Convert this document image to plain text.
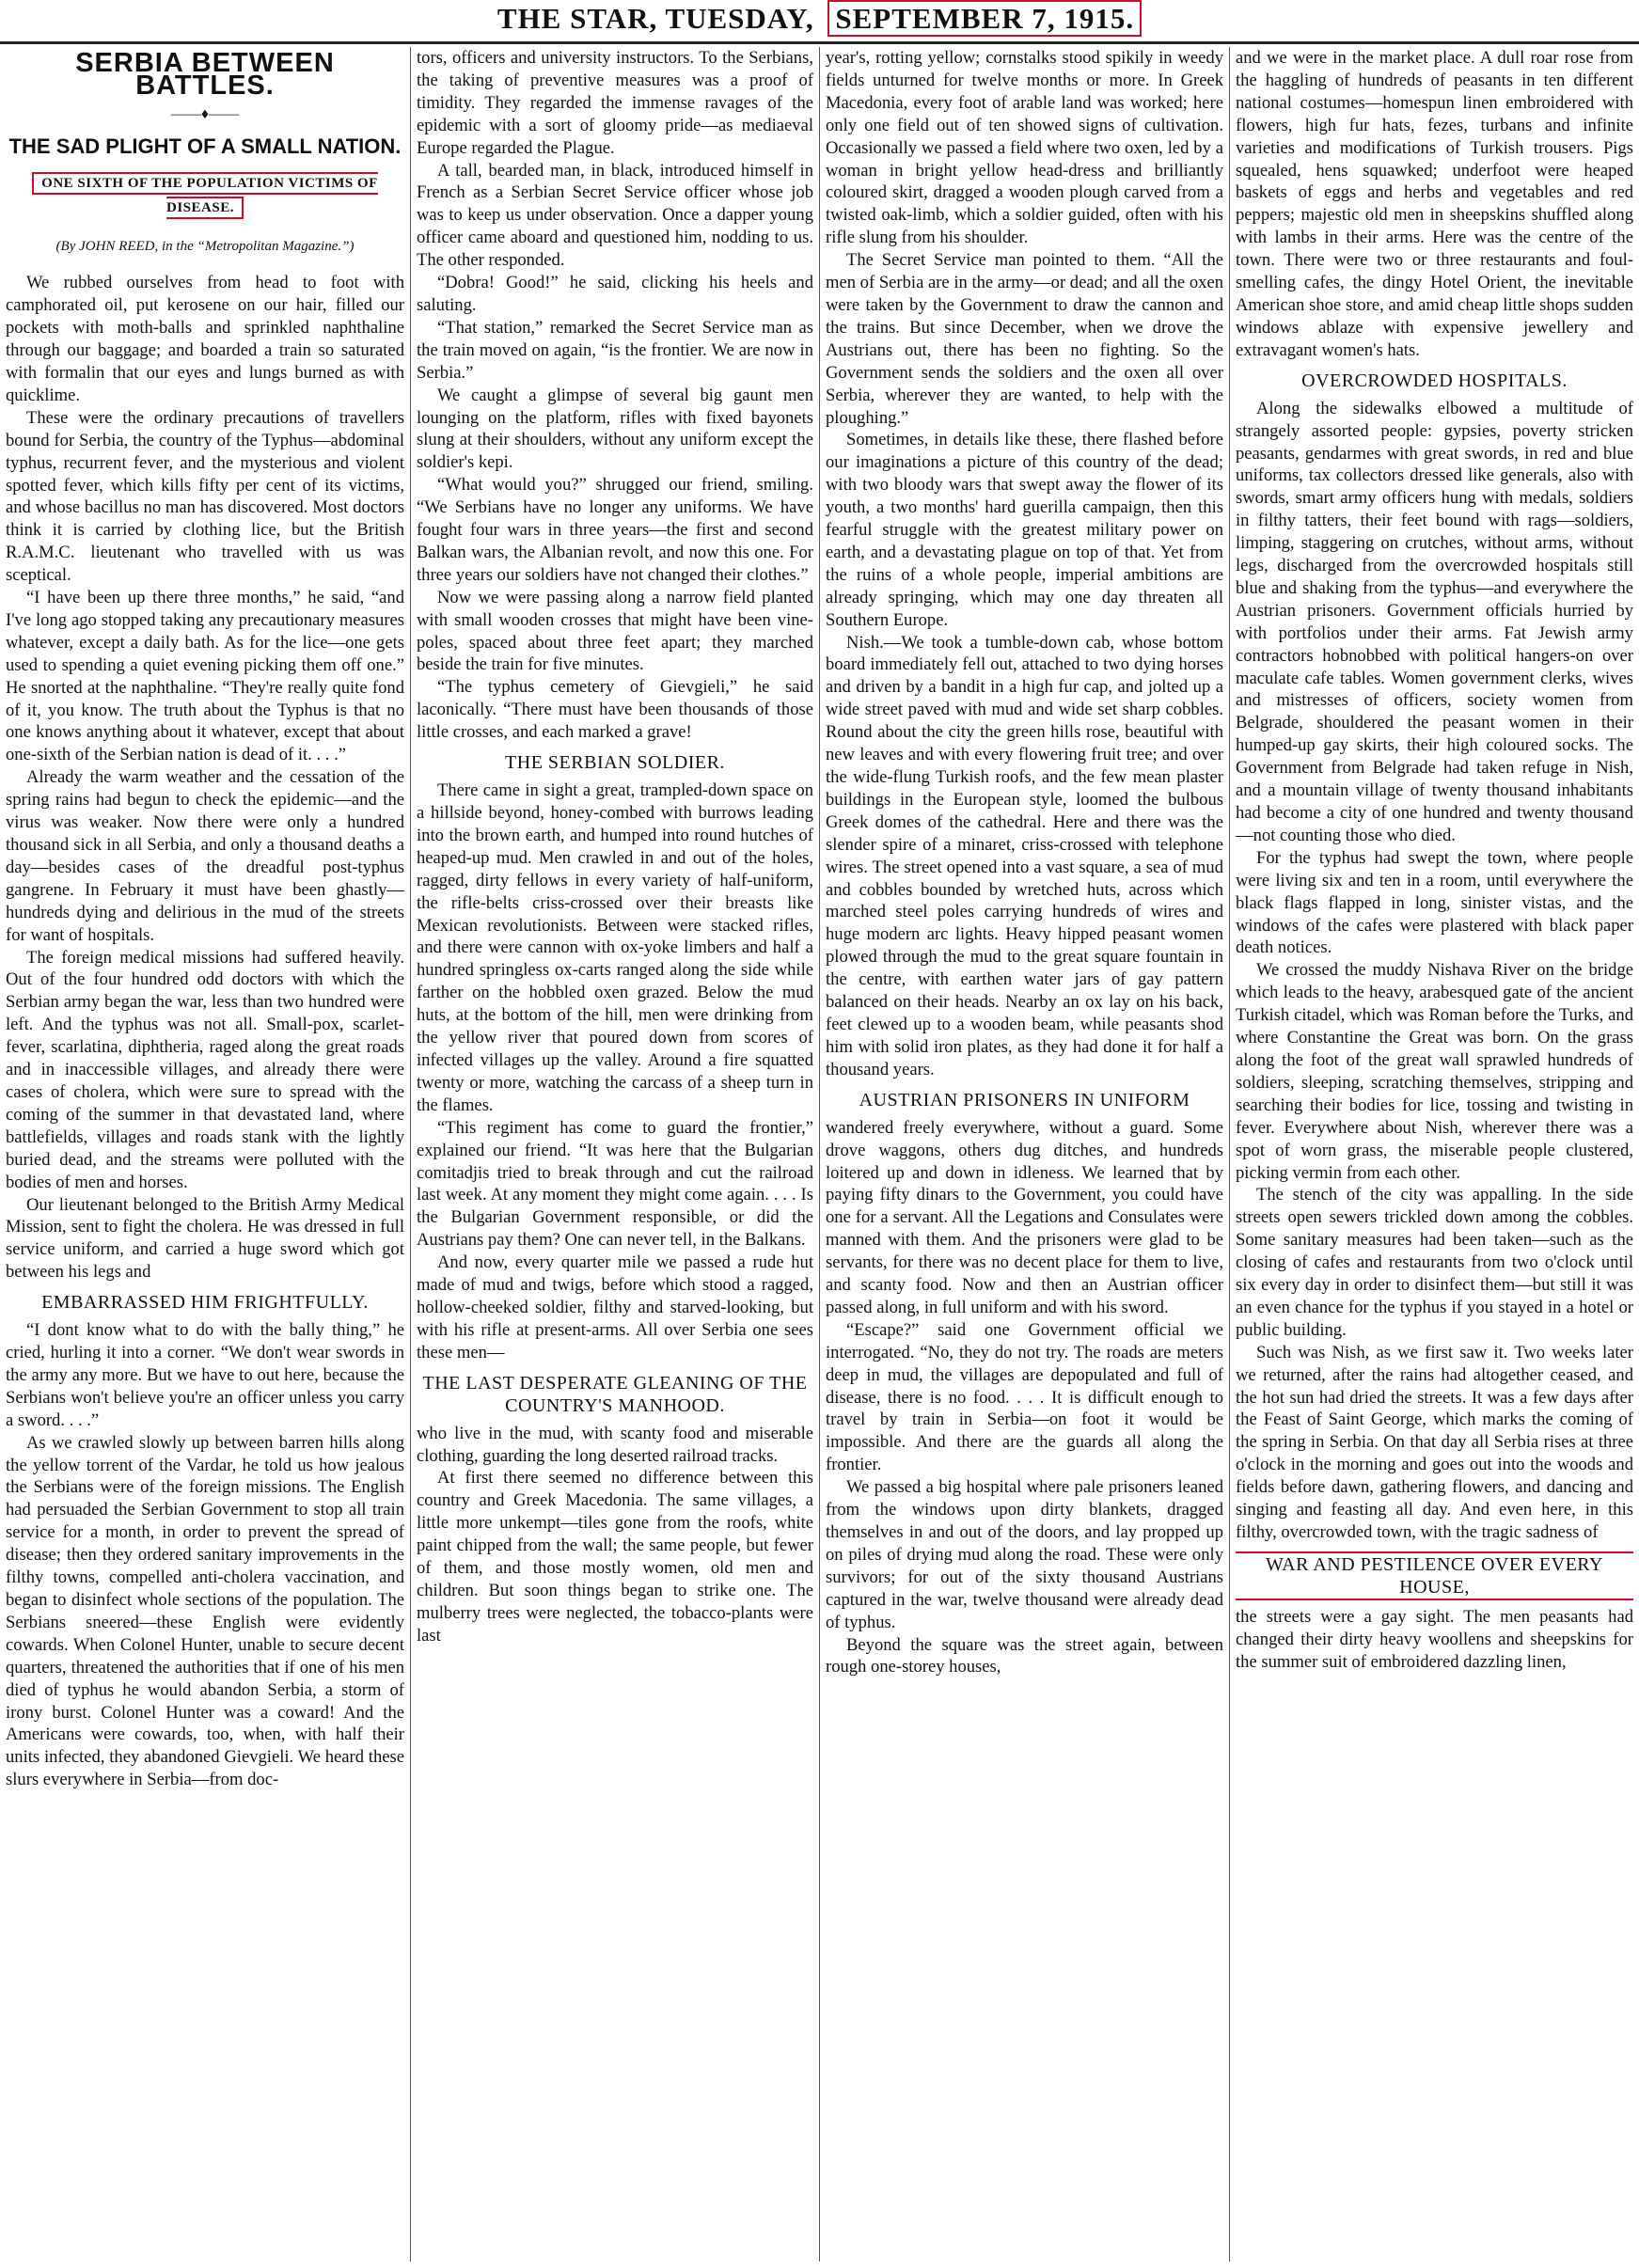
THE STAR, TUESDAY, SEPTEMBER 7, 1915.
SERBIA BETWEEN BATTLES.
——♦——
THE SAD PLIGHT OF A SMALL NATION.
ONE SIXTH OF THE POPULATION VICTIMS OF DISEASE.

(By JOHN REED, in the “Metropolitan Magazine.”)

We rubbed ourselves from head to foot with camphorated oil, put kerosene on our hair, filled our pockets with moth-balls and sprinkled naphthaline through our baggage; and boarded a train so saturated with formalin that our eyes and lungs burned as with quicklime.

These were the ordinary precautions of travellers bound for Serbia, the country of the Typhus—abdominal typhus, recurrent fever, and the mysterious and violent spotted fever, which kills fifty per cent of its victims, and whose bacillus no man has discovered. Most doctors think it is carried by clothing lice, but the British R.A.M.C. lieutenant who travelled with us was sceptical.

“I have been up there three months,” he said, “and I've long ago stopped taking any precautionary measures whatever, except a daily bath. As for the lice—one gets used to spending a quiet evening picking them off one.” He snorted at the naphthaline. “They're really quite fond of it, you know. The truth about the Typhus is that no one knows anything about it whatever, except that about one-sixth of the Serbian nation is dead of it. . . .”

Already the warm weather and the cessation of the spring rains had begun to check the epidemic—and the virus was weaker. Now there were only a hundred thousand sick in all Serbia, and only a thousand deaths a day—besides cases of the dreadful post-typhus gangrene. In February it must have been ghastly—hundreds dying and delirious in the mud of the streets for want of hospitals.

The foreign medical missions had suffered heavily. Out of the four hundred odd doctors with which the Serbian army began the war, less than two hundred were left. And the typhus was not all. Small-pox, scarlet-fever, scarlatina, diphtheria, raged along the great roads and in inaccessible villages, and already there were cases of cholera, which were sure to spread with the coming of the summer in that devastated land, where battlefields, villages and roads stank with the lightly buried dead, and the streams were polluted with the bodies of men and horses.

Our lieutenant belonged to the British Army Medical Mission, sent to fight the cholera. He was dressed in full service uniform, and carried a huge sword which got between his legs and

EMBARRASSED HIM FRIGHTFULLY.

“I dont know what to do with the bally thing,” he cried, hurling it into a corner. “We don't wear swords in the army any more. But we have to out here, because the Serbians won't believe you're an officer unless you carry a sword. . . .”

As we crawled slowly up between barren hills along the yellow torrent of the Vardar, he told us how jealous the Serbians were of the foreign missions. The English had persuaded the Serbian Government to stop all train service for a month, in order to prevent the spread of disease; then they ordered sanitary improvements in the filthy towns, compelled anti-cholera vaccination, and began to disinfect whole sections of the population. The Serbians sneered—these English were evidently cowards. When Colonel Hunter, unable to secure decent quarters, threatened the authorities that if one of his men died of typhus he would abandon Serbia, a storm of irony burst. Colonel Hunter was a coward! And the Americans were cowards, too, when, with half their units infected, they abandoned Gievgieli. We heard these slurs everywhere in Serbia—from doc-

tors, officers and university instructors. To the Serbians, the taking of preventive measures was a proof of timidity. They regarded the immense ravages of the epidemic with a sort of gloomy pride—as mediaeval Europe regarded the Plague.

A tall, bearded man, in black, introduced himself in French as a Serbian Secret Service officer whose job was to keep us under observation. Once a dapper young officer came aboard and questioned him, nodding to us. The other responded.

“Dobra! Good!” he said, clicking his heels and saluting.

“That station,” remarked the Secret Service man as the train moved on again, “is the frontier. We are now in Serbia.”

We caught a glimpse of several big gaunt men lounging on the platform, rifles with fixed bayonets slung at their shoulders, without any uniform except the soldier's kepi.

“What would you?” shrugged our friend, smiling. “We Serbians have no longer any uniforms. We have fought four wars in three years—the first and second Balkan wars, the Albanian revolt, and now this one. For three years our soldiers have not changed their clothes.”

Now we were passing along a narrow field planted with small wooden crosses that might have been vine-poles, spaced about three feet apart; they marched beside the train for five minutes.

“The typhus cemetery of Gievgieli,” he said laconically. “There must have been thousands of those little crosses, and each marked a grave!

THE SERBIAN SOLDIER.

There came in sight a great, trampled-down space on a hillside beyond, honey-combed with burrows leading into the brown earth, and humped into round hutches of heaped-up mud. Men crawled in and out of the holes, ragged, dirty fellows in every variety of half-uniform, the rifle-belts criss-crossed over their breasts like Mexican revolutionists. Between were stacked rifles, and there were cannon with ox-yoke limbers and half a hundred springless ox-carts ranged along the side while farther on the hobbled oxen grazed. Below the mud huts, at the bottom of the hill, men were drinking from the yellow river that poured down from scores of infected villages up the valley. Around a fire squatted twenty or more, watching the carcass of a sheep turn in the flames.

“This regiment has come to guard the frontier,” explained our friend. “It was here that the Bulgarian comitadjis tried to break through and cut the railroad last week. At any moment they might come again. . . . Is the Bulgarian Government responsible, or did the Austrians pay them? One can never tell, in the Balkans.

And now, every quarter mile we passed a rude hut made of mud and twigs, before which stood a ragged, hollow-cheeked soldier, filthy and starved-looking, but with his rifle at present-arms. All over Serbia one sees these men—

THE LAST DESPERATE GLEANING OF THE COUNTRY'S MANHOOD.

who live in the mud, with scanty food and miserable clothing, guarding the long deserted railroad tracks.

At first there seemed no difference between this country and Greek Macedonia. The same villages, a little more unkempt—tiles gone from the roofs, white paint chipped from the wall; the same people, but fewer of them, and those mostly women, old men and children. But soon things began to strike one. The mulberry trees were neglected, the tobacco-plants were last

year's, rotting yellow; cornstalks stood spikily in weedy fields unturned for twelve months or more. In Greek Macedonia, every foot of arable land was worked; here only one field out of ten showed signs of cultivation. Occasionally we passed a field where two oxen, led by a woman in bright yellow head-dress and brilliantly coloured skirt, dragged a wooden plough carved from a twisted oak-limb, which a soldier guided, often with his rifle slung from his shoulder.

The Secret Service man pointed to them. “All the men of Serbia are in the army—or dead; and all the oxen were taken by the Government to draw the cannon and the trains. But since December, when we drove the Austrians out, there has been no fighting. So the Government sends the soldiers and the oxen all over Serbia, wherever they are wanted, to help with the ploughing.”

Sometimes, in details like these, there flashed before our imaginations a picture of this country of the dead; with two bloody wars that swept away the flower of its youth, a two months' hard guerilla campaign, then this fearful struggle with the greatest military power on earth, and a devastating plague on top of that. Yet from the ruins of a whole people, imperial ambitions are already springing, which may one day threaten all Southern Europe.

Nish.—We took a tumble-down cab, whose bottom board immediately fell out, attached to two dying horses and driven by a bandit in a high fur cap, and jolted up a wide street paved with mud and wide set sharp cobbles. Round about the city the green hills rose, beautiful with new leaves and with every flowering fruit tree; and over the wide-flung Turkish roofs, and the few mean plaster buildings in the European style, loomed the bulbous Greek domes of the cathedral. Here and there was the slender spire of a minaret, criss-crossed with telephone wires. The street opened into a vast square, a sea of mud and cobbles bounded by wretched huts, across which marched steel poles carrying hundreds of wires and huge modern arc lights. Heavy hipped peasant women plowed through the mud to the great square fountain in the centre, with earthen water jars of gay pattern balanced on their heads. Nearby an ox lay on his back, feet clewed up to a wooden beam, while peasants shod him with solid iron plates, as they had done it for half a thousand years.

AUSTRIAN PRISONERS IN UNIFORM

wandered freely everywhere, without a guard. Some drove waggons, others dug ditches, and hundreds loitered up and down in idleness. We learned that by paying fifty dinars to the Government, you could have one for a servant. All the Legations and Consulates were manned with them. And the prisoners were glad to be servants, for there was no decent place for them to live, and scanty food. Now and then an Austrian officer passed along, in full uniform and with his sword.

“Escape?” said one Government official we interrogated. “No, they do not try. The roads are meters deep in mud, the villages are depopulated and full of disease, there is no food. . . . It is difficult enough to travel by train in Serbia—on foot it would be impossible. And there are the guards all along the frontier.

We passed a big hospital where pale prisoners leaned from the windows upon dirty blankets, dragged themselves in and out of the doors, and lay propped up on piles of drying mud along the road. These were only survivors; for out of the sixty thousand Austrians captured in the war, twelve thousand were already dead of typhus.

Beyond the square was the street again, between rough one-storey houses,

and we were in the market place. A dull roar rose from the haggling of hundreds of peasants in ten different national costumes—homespun linen embroidered with flowers, high fur hats, fezes, turbans and infinite varieties and modifications of Turkish trousers. Pigs squealed, hens squawked; underfoot were heaped baskets of eggs and herbs and vegetables and red peppers; majestic old men in sheepskins shuffled along with lambs in their arms. Here was the centre of the town. There were two or three restaurants and foul-smelling cafes, the dingy Hotel Orient, the inevitable American shoe store, and amid cheap little shops sudden windows ablaze with expensive jewellery and extravagant women's hats.

OVERCROWDED HOSPITALS.

Along the sidewalks elbowed a multitude of strangely assorted people: gypsies, poverty stricken peasants, gendarmes with great swords, in red and blue uniforms, tax collectors dressed like generals, also with swords, smart army officers hung with medals, soldiers in filthy tatters, their feet bound with rags—soldiers, limping, staggering on crutches, without arms, without legs, discharged from the overcrowded hospitals still blue and shaking from the typhus—and everywhere the Austrian prisoners. Government officials hurried by with portfolios under their arms. Fat Jewish army contractors hobnobbed with political hangers-on over maculate cafe tables. Women government clerks, wives and mistresses of officers, society women from Belgrade, shouldered the peasant women in their humped-up gay skirts, their high coloured socks. The Government from Belgrade had taken refuge in Nish, and a mountain village of twenty thousand inhabitants had become a city of one hundred and twenty thousand—not counting those who died.

For the typhus had swept the town, where people were living six and ten in a room, until everywhere the black flags flapped in long, sinister vistas, and the windows of the cafes were plastered with black paper death notices.

We crossed the muddy Nishava River on the bridge which leads to the heavy, arabesqued gate of the ancient Turkish citadel, which was Roman before the Turks, and where Constantine the Great was born. On the grass along the foot of the great wall sprawled hundreds of soldiers, sleeping, scratching themselves, stripping and searching their bodies for lice, tossing and twisting in fever. Everywhere about Nish, wherever there was a spot of worn grass, the miserable people clustered, picking vermin from each other.

The stench of the city was appalling. In the side streets open sewers trickled down among the cobbles. Some sanitary measures had been taken—such as the closing of cafes and restaurants from two o'clock until six every day in order to disinfect them—but still it was an even chance for the typhus if you stayed in a hotel or public building.

Such was Nish, as we first saw it. Two weeks later we returned, after the rains had altogether ceased, and the hot sun had dried the streets. It was a few days after the Feast of Saint George, which marks the coming of the spring in Serbia. On that day all Serbia rises at three o'clock in the morning and goes out into the woods and fields before dawn, gathering flowers, and dancing and singing and feasting all day. And even here, in this filthy, overcrowded town, with the tragic sadness of

WAR AND PESTILENCE OVER EVERY HOUSE,

the streets were a gay sight. The men peasants had changed their dirty heavy woollens and sheepskins for the summer suit of embroidered dazzling linen,
